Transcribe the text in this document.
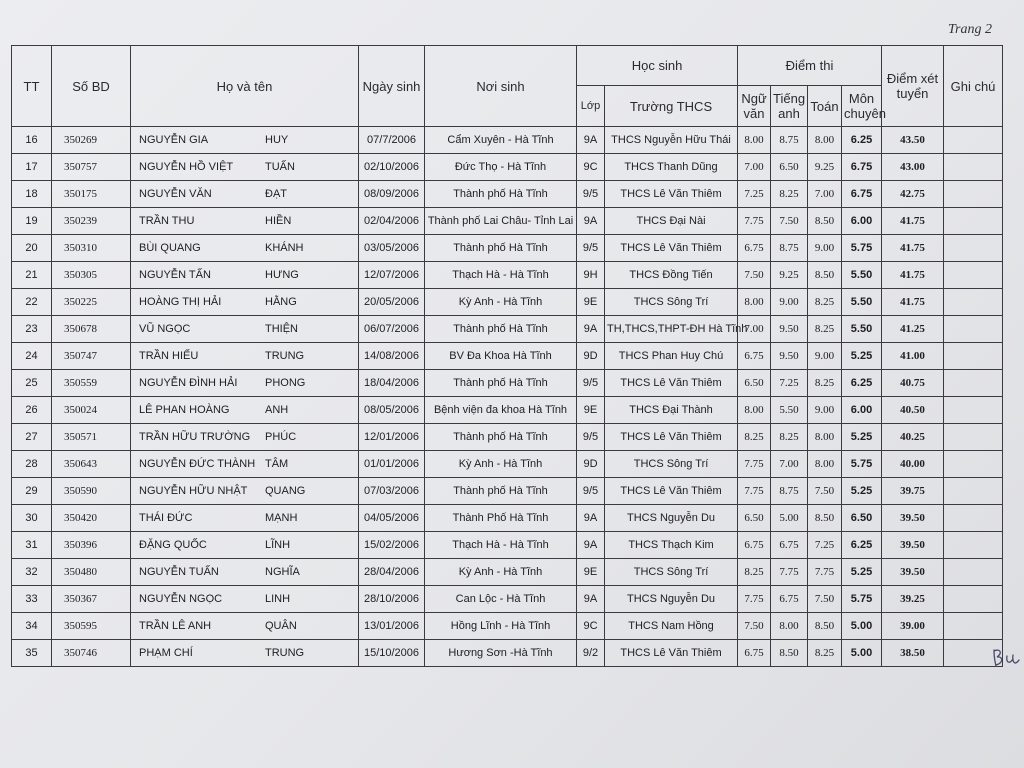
Trang 2
TT	Số BD	Họ và tên	Ngày sinh	Nơi sinh	Học sinh		Điểm thi				Điểm xét tuyển	Ghi chú
					Lớp	Trường THCS	Ngữ văn	Tiếng anh	Toán	Môn chuyên		
16	350269	NGUYỄN GIA HUY	07/7/2006	Cẩm Xuyên - Hà Tĩnh	9A	THCS Nguyễn Hữu Thái	8.00	8.75	8.00	6.25	43.50	
17	350757	NGUYỄN HỒ VIỆT TUẤN	02/10/2006	Đức Thọ - Hà Tĩnh	9C	THCS Thanh Dũng	7.00	6.50	9.25	6.75	43.00	
18	350175	NGUYỄN VĂN ĐẠT	08/09/2006	Thành phố Hà Tĩnh	9/5	THCS Lê Văn Thiêm	7.25	8.25	7.00	6.75	42.75	
19	350239	TRẦN THU HIỀN	02/04/2006	Thành phố Lai Châu- Tỉnh Lai	9A	THCS Đại Nài	7.75	7.50	8.50	6.00	41.75	
20	350310	BÙI QUANG KHÁNH	03/05/2006	Thành phố Hà Tĩnh	9/5	THCS Lê Văn Thiêm	6.75	8.75	9.00	5.75	41.75	
21	350305	NGUYỄN TẤN HƯNG	12/07/2006	Thạch Hà - Hà Tĩnh	9H	THCS Đồng Tiến	7.50	9.25	8.50	5.50	41.75	
22	350225	HOÀNG THỊ HẢI HẰNG	20/05/2006	Kỳ Anh - Hà Tĩnh	9E	THCS Sông Trí	8.00	9.00	8.25	5.50	41.75	
23	350678	VŨ NGỌC THIỆN	06/07/2006	Thành phố Hà Tĩnh	9A	TH,THCS,THPT-ĐH Hà Tĩnh	7.00	9.50	8.25	5.50	41.25	
24	350747	TRẦN HIẾU TRUNG	14/08/2006	BV Đa Khoa Hà Tĩnh	9D	THCS Phan Huy Chú	6.75	9.50	9.00	5.25	41.00	
25	350559	NGUYỄN ĐÌNH HẢI PHONG	18/04/2006	Thành phố Hà Tĩnh	9/5	THCS Lê Văn Thiêm	6.50	7.25	8.25	6.25	40.75	
26	350024	LÊ PHAN HOÀNG ANH	08/05/2006	Bệnh viện đa khoa Hà Tĩnh	9E	THCS Đại Thành	8.00	5.50	9.00	6.00	40.50	
27	350571	TRẦN HỮU TRƯỜNG PHÚC	12/01/2006	Thành phố Hà Tĩnh	9/5	THCS Lê Văn Thiêm	8.25	8.25	8.00	5.25	40.25	
28	350643	NGUYỄN ĐỨC THÀNH TÂM	01/01/2006	Kỳ Anh - Hà Tĩnh	9D	THCS Sông Trí	7.75	7.00	8.00	5.75	40.00	
29	350590	NGUYỄN HỮU NHẬT QUANG	07/03/2006	Thành phố Hà Tĩnh	9/5	THCS Lê Văn Thiêm	7.75	8.75	7.50	5.25	39.75	
30	350420	THÁI ĐỨC MẠNH	04/05/2006	Thành Phố Hà Tĩnh	9A	THCS Nguyễn Du	6.50	5.00	8.50	6.50	39.50	
31	350396	ĐẶNG QUỐC LĨNH	15/02/2006	Thạch Hà - Hà Tĩnh	9A	THCS Thạch Kim	6.75	6.75	7.25	6.25	39.50	
32	350480	NGUYỄN TUẤN NGHĨA	28/04/2006	Kỳ Anh - Hà Tĩnh	9E	THCS Sông Trí	8.25	7.75	7.75	5.25	39.50	
33	350367	NGUYỄN NGỌC LINH	28/10/2006	Can Lộc - Hà Tĩnh	9A	THCS Nguyễn Du	7.75	6.75	7.50	5.75	39.25	
34	350595	TRẦN LÊ ANH QUÂN	13/01/2006	Hồng Lĩnh - Hà Tĩnh	9C	THCS Nam Hồng	7.50	8.00	8.50	5.00	39.00	
35	350746	PHẠM CHÍ TRUNG	15/10/2006	Hương Sơn -Hà Tĩnh	9/2	THCS Lê Văn Thiêm	6.75	8.50	8.25	5.00	38.50	
